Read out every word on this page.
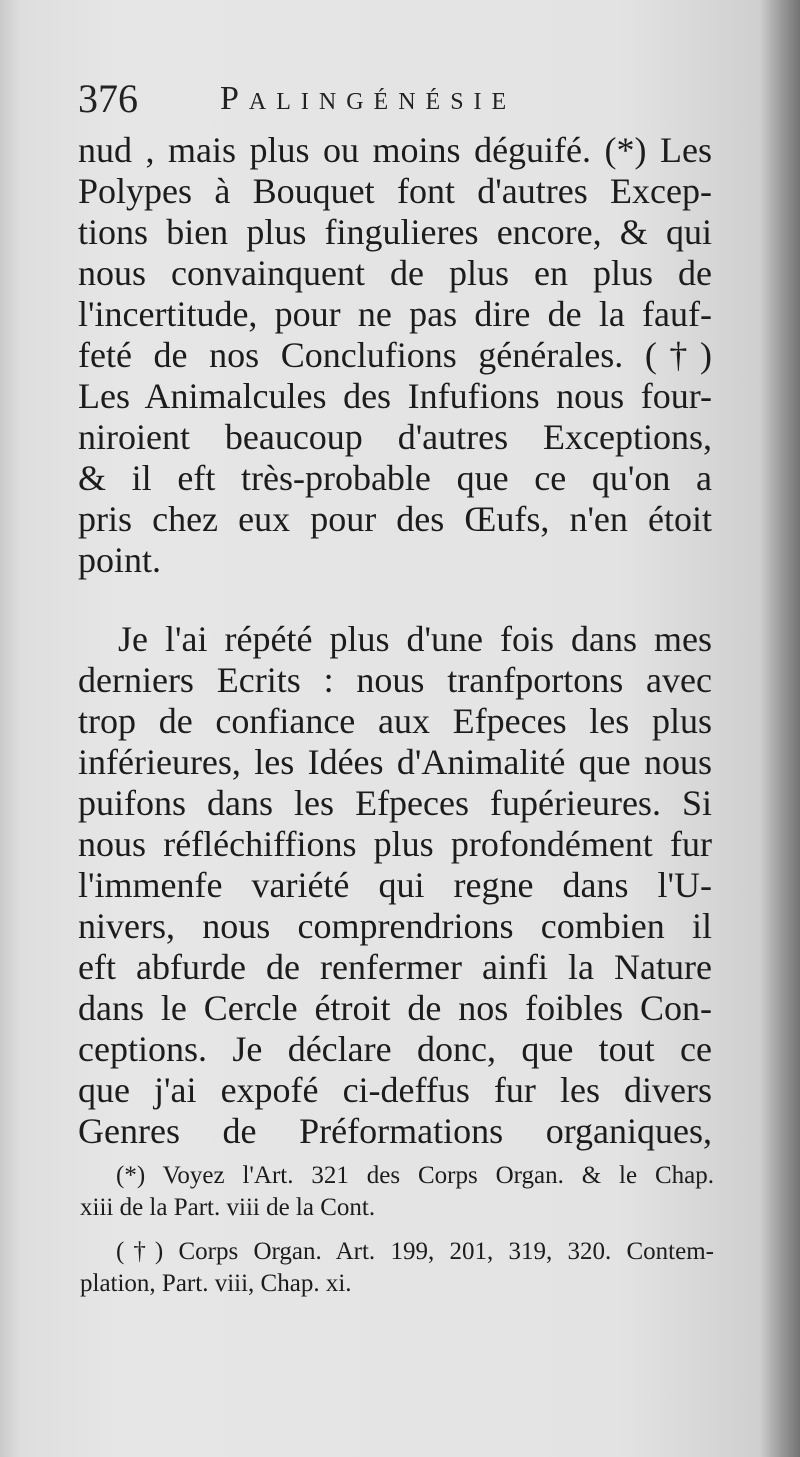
376 Palingénésie
nud , mais plus ou moins déguifé. (*) Les
Polypes à Bouquet font d'autres Excep-
tions bien plus fingulieres encore, & qui
nous convainquent de plus en plus de
l'incertitude, pour ne pas dire de la fauf-
feté de nos Conclufions générales. (†)
Les Animalcules des Infufions nous four-
niroient beaucoup d'autres Exceptions,
& il eft très-probable que ce qu'on a
pris chez eux pour des Œufs, n'en étoit
point.
Je l'ai répété plus d'une fois dans mes
derniers Ecrits : nous tranfportons avec
trop de confiance aux Efpeces les plus
inférieures, les Idées d'Animalité que nous
puifons dans les Efpeces fupérieures. Si
nous réfléchiffions plus profondément fur
l'immenfe variété qui regne dans l'U-
nivers, nous comprendrions combien il
eft abfurde de renfermer ainfi la Nature
dans le Cercle étroit de nos foibles Con-
ceptions. Je déclare donc, que tout ce
que j'ai expofé ci-deffus fur les divers
Genres de Préformations organiques,
(*) Voyez l'Art. 321 des Corps Organ. & le Chap.
xiii de la Part. viii de la Cont.
(†) Corps Organ. Art. 199, 201, 319, 320. Contem-
plation, Part. viii, Chap. xi.
